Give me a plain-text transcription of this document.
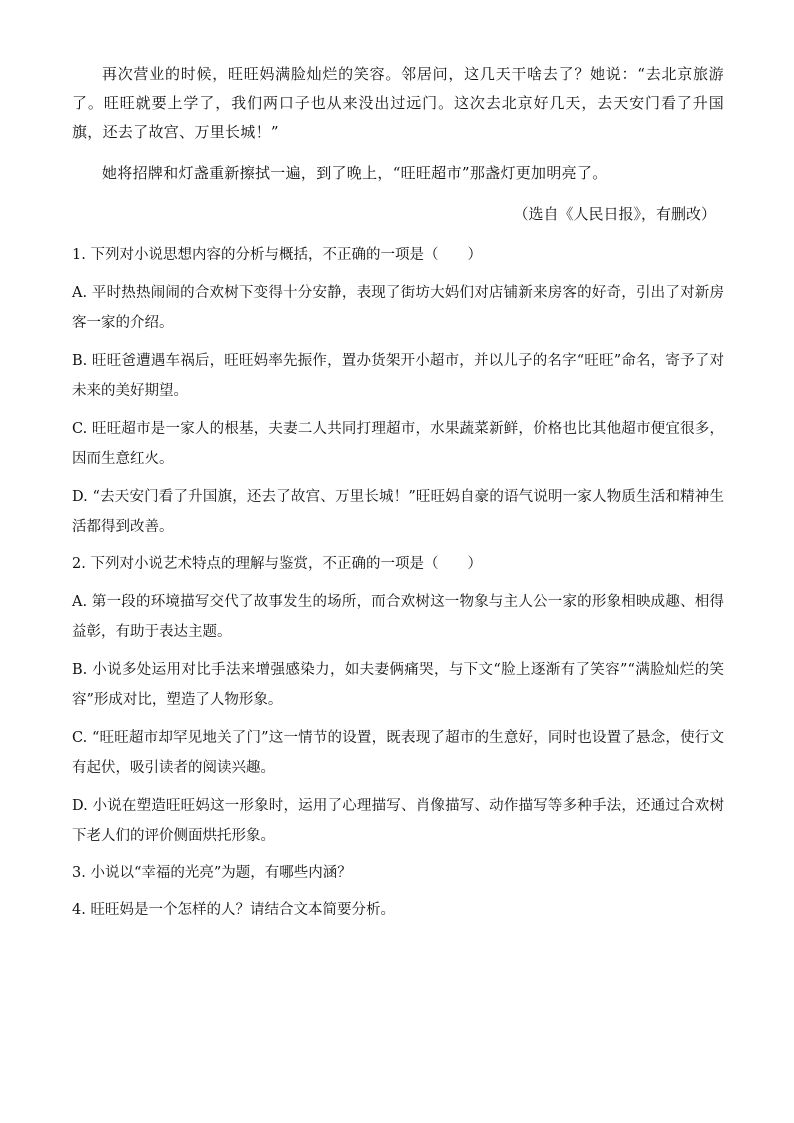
再次营业的时候，旺旺妈满脸灿烂的笑容。邻居问，这几天干啥去了？她说：“去北京旅游了。旺旺就要上学了，我们两口子也从来没出过远门。这次去北京好几天，去天安门看了升国旗，还去了故宫、万里长城！”

她将招牌和灯盏重新擦拭一遍，到了晚上，“旺旺超市”那盏灯更加明亮了。

（选自《人民日报》，有删改）

1. 下列对小说思想内容的分析与概括，不正确的一项是（　　）

A. 平时热热闹闹的合欢树下变得十分安静，表现了街坊大妈们对店铺新来房客的好奇，引出了对新房客一家的介绍。

B. 旺旺爸遭遇车祸后，旺旺妈率先振作，置办货架开小超市，并以儿子的名字“旺旺”命名，寄予了对未来的美好期望。

C. 旺旺超市是一家人的根基，夫妻二人共同打理超市，水果蔬菜新鲜，价格也比其他超市便宜很多，因而生意红火。

D. “去天安门看了升国旗，还去了故宫、万里长城！”旺旺妈自豪的语气说明一家人物质生活和精神生活都得到改善。

2. 下列对小说艺术特点的理解与鉴赏，不正确的一项是（　　）

A. 第一段的环境描写交代了故事发生的场所，而合欢树这一物象与主人公一家的形象相映成趣、相得益彰，有助于表达主题。

B. 小说多处运用对比手法来增强感染力，如夫妻俩痛哭，与下文“脸上逐渐有了笑容”“满脸灿烂的笑容”形成对比，塑造了人物形象。

C. “旺旺超市却罕见地关了门”这一情节的设置，既表现了超市的生意好，同时也设置了悬念，使行文有起伏，吸引读者的阅读兴趣。

D. 小说在塑造旺旺妈这一形象时，运用了心理描写、肖像描写、动作描写等多种手法，还通过合欢树下老人们的评价侧面烘托形象。

3. 小说以“幸福的光亮”为题，有哪些内涵？

4. 旺旺妈是一个怎样的人？请结合文本简要分析。
